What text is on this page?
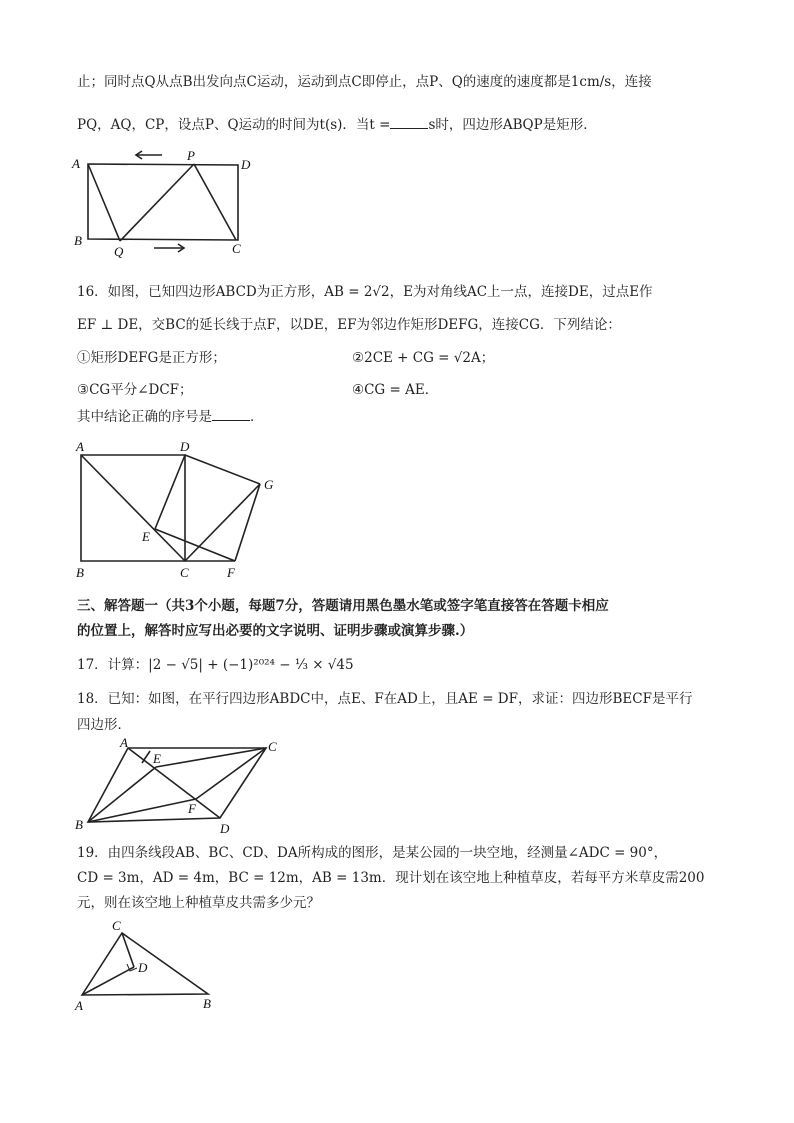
止；同时点Q从点B出发向点C运动，运动到点C即停止，点P、Q的速度的速度都是1cm/s，连接
PQ，AQ，CP，设点P、Q运动的时间为t(s)．当t =	s时，四边形ABQP是矩形．
A
P
D
B
Q	C
16．如图，已知四边形ABCD为正方形，AB = 2√2，E为对角线AC上一点，连接DE，过点E作
EF ⊥ DE，交BC的延长线于点F，以DE，EF为邻边作矩形DEFG，连接CG．下列结论：
①矩形DEFG是正方形；	②2CE + CG = √2A；
③CG平分∠DCF；	④CG = AE．
其中结论正确的序号是	．
A	D
G
E
B	C	F
三、解答题一（共3个小题，每题7分，答题请用黑色墨水笔或签字笔直接答在答题卡相应
的位置上，解答时应写出必要的文字说明、证明步骤或演算步骤.）
17．计算：|2 − √5| + (−1)²⁰²⁴ − ⅓ × √45
18．已知：如图，在平行四边形ABDC中，点E、F在AD上，且AE = DF，求证：四边形BECF是平行
四边形．
A
E
C
F
B	D
19．由四条线段AB、BC、CD、DA所构成的图形，是某公园的一块空地，经测量∠ADC = 90°，
CD = 3m，AD = 4m，BC = 12m，AB = 13m．现计划在该空地上种植草皮，若每平方米草皮需200
元，则在该空地上种植草皮共需多少元？
C
D
A	B
